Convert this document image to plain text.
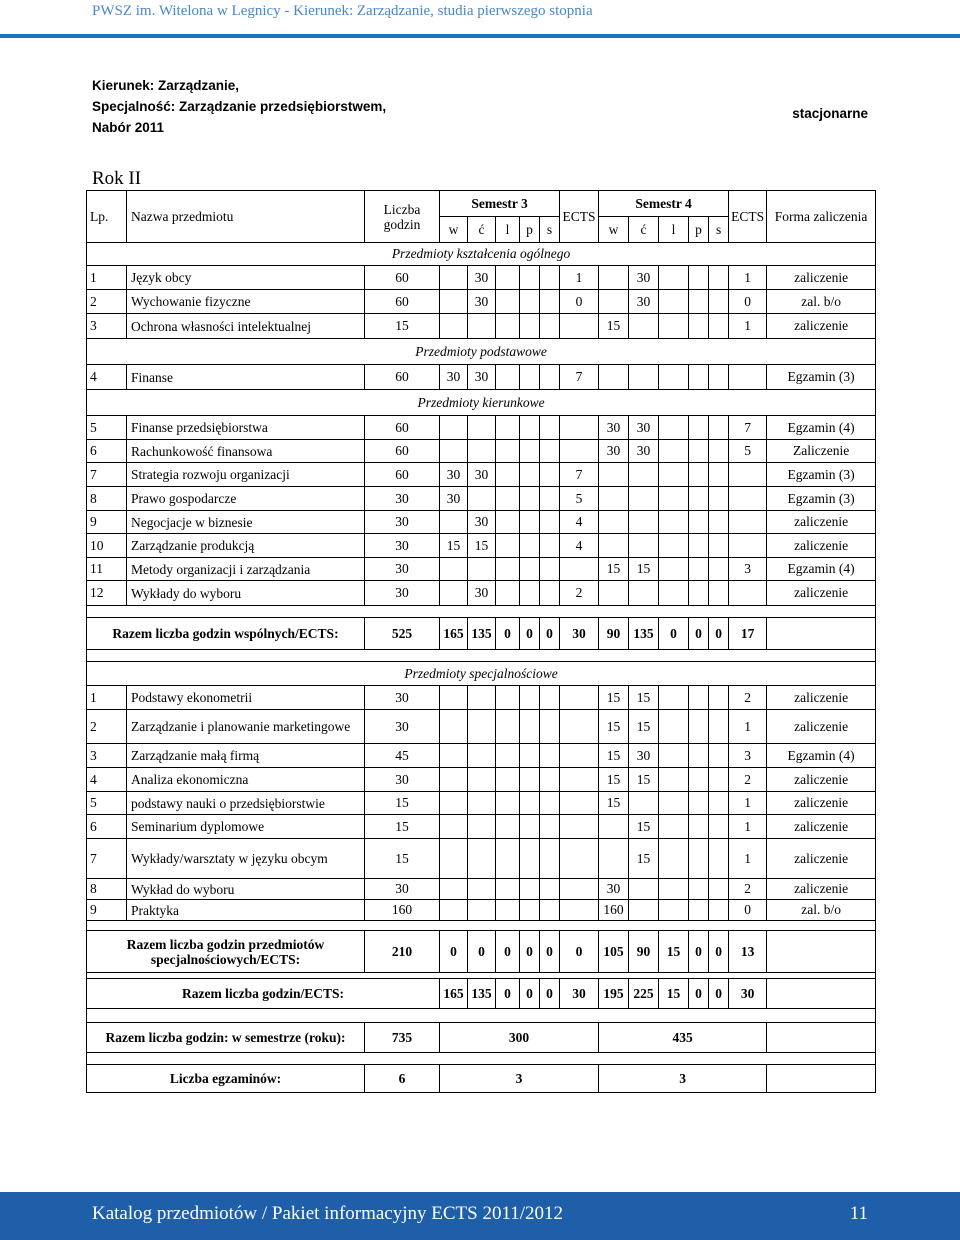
PWSZ im. Witelona w Legnicy - Kierunek: Zarządzanie, studia pierwszego stopnia
Kierunek: Zarządzanie,
Specjalność: Zarządzanie przedsiębiorstwem,
Nabór 2011
stacjonarne
Rok II
Lp.	Nazwa przedmiotu	Liczba godzin	Semestr 3					ECTS	Semestr 4					ECTS	Forma zaliczenia
			w	ć	l	p	s		w	ć	l	p	s		
Przedmioty kształcenia ogólnego															
1	Język obcy	60		30				1		30				1	zaliczenie
2	Wychowanie fizyczne	60		30				0		30				0	zal. b/o
3	Ochrona własności intelektualnej	15							15					1	zaliczenie
Przedmioty podstawowe															
4	Finanse	60	30	30				7							Egzamin (3)
Przedmioty kierunkowe															
5	Finanse przedsiębiorstwa	60							30	30				7	Egzamin (4)
6	Rachunkowość finansowa	60							30	30				5	Zaliczenie
7	Strategia rozwoju organizacji	60	30	30				7							Egzamin (3)
8	Prawo gospodarcze	30	30					5							Egzamin (3)
9	Negocjacje w biznesie	30		30				4							zaliczenie
10	Zarządzanie produkcją	30	15	15				4							zaliczenie
11	Metody organizacji i zarządzania	30							15	15				3	Egzamin (4)
12	Wykłady do wyboru	30		30				2							zaliczenie

Razem liczba godzin wspólnych/ECTS:		525	165	135	0	0	0	30	90	135	0	0	0	17	

Przedmioty specjalnościowe															
1	Podstawy ekonometrii	30							15	15				2	zaliczenie
2	Zarządzanie i planowanie marketingowe	30							15	15				1	zaliczenie
3	Zarządzanie małą firmą	45							15	30				3	Egzamin (4)
4	Analiza ekonomiczna	30							15	15				2	zaliczenie
5	podstawy nauki o przedsiębiorstwie	15							15					1	zaliczenie
6	Seminarium dyplomowe	15								15				1	zaliczenie
7	Wykłady/warsztaty w języku obcym	15								15				1	zaliczenie
8	Wykład do wyboru	30							30					2	zaliczenie
9	Praktyka	160							160					0	zal. b/o

Razem liczba godzin przedmiotów specjalnościowych/ECTS:		210	0	0	0	0	0	0	105	90	15	0	0	13	

Razem liczba godzin/ECTS:			165	135	0	0	0	30	195	225	15	0	0	30	

Razem liczba godzin: w semestrze (roku):		735	300						435						

Liczba egzaminów:		6	3						3						
Katalog przedmiotów / Pakiet informacyjny ECTS 2011/2012	11
